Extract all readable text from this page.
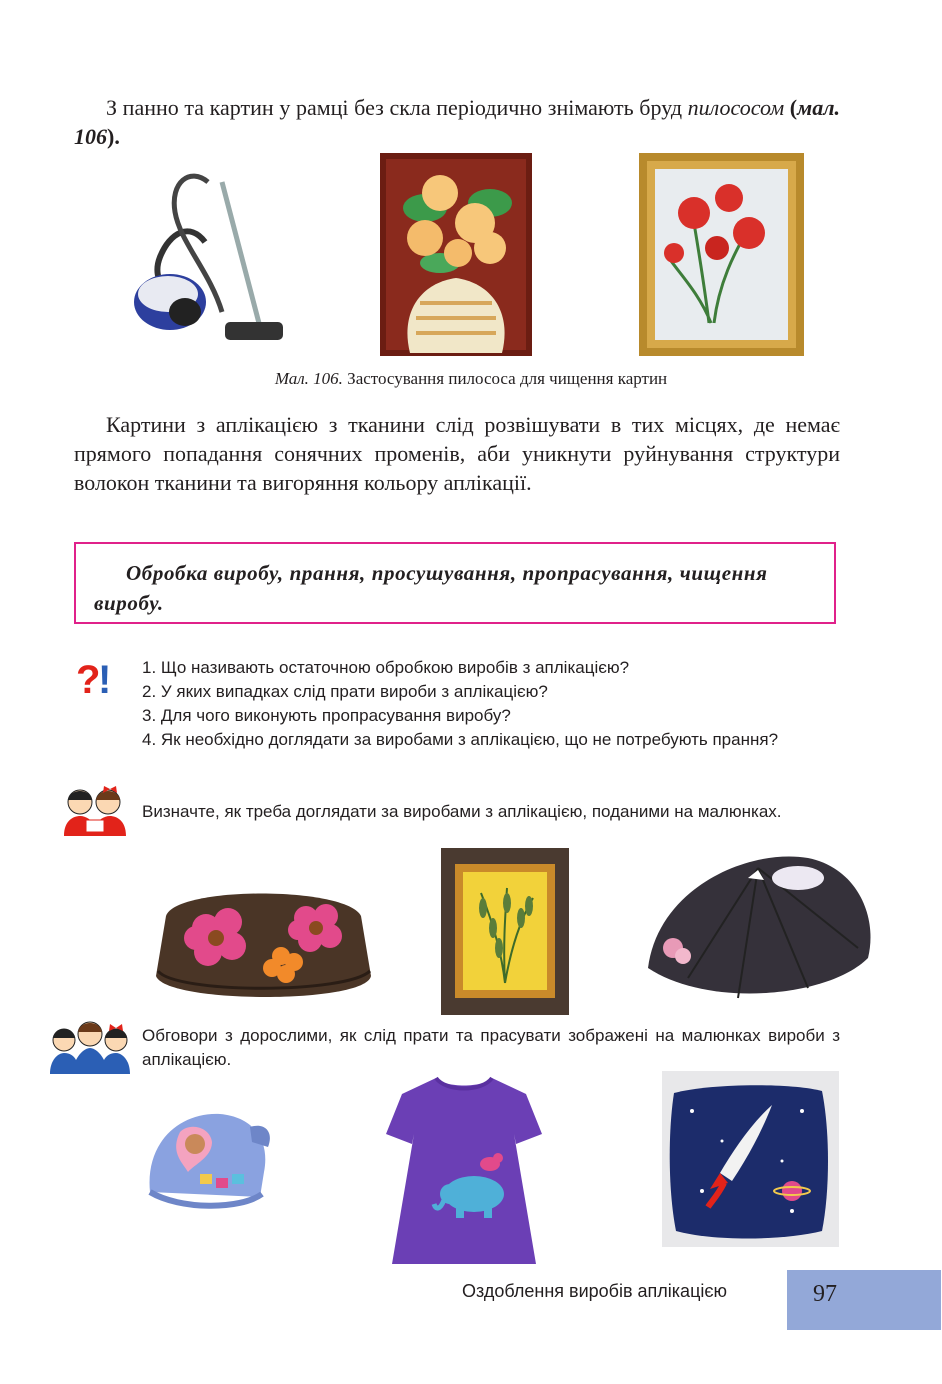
З панно та картин у рамці без скла періодично знімають бруд пилососом (мал. 106).
Мал. 106. Застосування пилососа для чищення картин
Картини з аплікацією з тканини слід розвішувати в тих місцях, де немає прямого попадання сонячних променів, аби уникнути руйнування структури волокон тканини та вигоряння кольору аплікації.
Обробка виробу, прання, просушування, пропрасування, чищення виробу.
?
! 1. Що називають остаточною обробкою виробів з аплікацією?
2. У яких випадках слід прати вироби з аплікацією?
3. Для чого виконують пропрасування виробу?
4. Як необхідно доглядати за виробами з аплікацією, що не потребують прання?
Визначте, як треба доглядати за виробами з аплікацією, поданими на малюнках.
Обговори з дорослими, як слід прати та прасувати зображені на малюнках вироби з аплікацією.
Оздоблення виробів аплікацією	97
